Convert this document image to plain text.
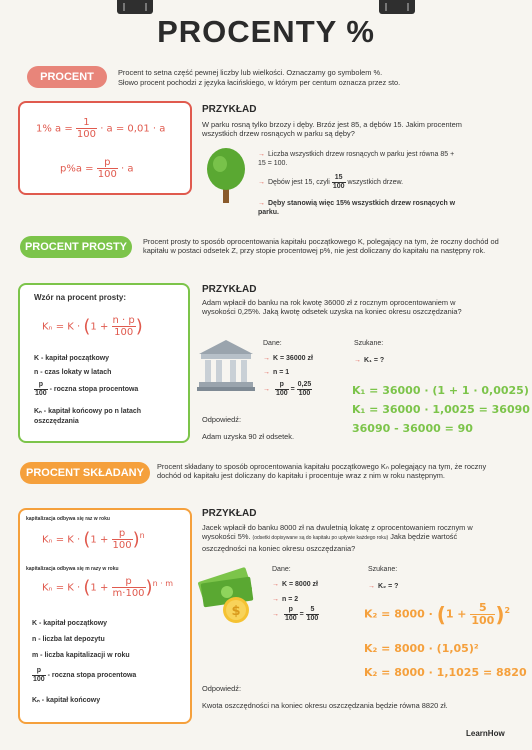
PROCENTY %
PROCENT	Procent to setna część pewnej liczby lub wielkości. Oznaczamy go symbolem %.
Słowo procent pochodzi z języka łacińskiego, w którym per centum oznacza przez sto.
1% $a = \frac{1}{100} \cdot a = 0,01 \cdot a$
$p\%a = \frac{p}{100} \cdot a$
PRZYKŁAD
W parku rosną tylko brzozy i dęby. Brzóz jest 85, a dębów 15. Jakim procentem wszystkich drzew rosnących w parku są dęby?
→ Liczba wszystkich drzew rosnących w parku jest równa 85 + 15 = 100.
→ Dębów jest 15, czyli $\frac{15}{100}$ wszystkich drzew.
→ Dęby stanowią więc 15% wszystkich drzew rosnących w parku.
PROCENT PROSTY	Procent prosty to sposób oprocentowania kapitału początkowego K, polegający na tym, że roczny dochód od kapitału w postaci odsetek Z, przy stopie procentowej p%, nie jest doliczany do kapitału na następny rok.
Wzór na procent prosty:
$K_n = K \cdot (1 + \frac{n \cdot p}{100}$ )
K - kapitał początkowy
n - czas lokaty w latach
$\frac{p}{100}$ - roczna stopa procentowa
Kₙ - kapitał końcowy po n latach oszczędzania
PRZYKŁAD
Adam wpłacił do banku na rok kwotę 36000 zł z rocznym oprocentowaniem w wysokości 0,25%. Jaką kwotę odsetek uzyska na koniec okresu oszczędzania?
Dane:	Szukane:
→ K = 36000 zł
→ n = 1
→ $\frac{p}{100} = \frac{0,25}{100}$
→ K₁ = ?
K₁ = 36000 · (1 + 1 · 0,0025)
K₁ = 36000 · 1,0025 = 36090
36090 - 36000 = 90
Odpowiedź:
Adam uzyska 90 zł odsetek.
PROCENT SKŁADANY
Procent składany to sposób oprocentowania kapitału początkowego Kₙ polegający na tym, że roczny dochód od kapitału jest doliczany do kapitału i procentuje wraz z nim w roku następnym.
kapitalizacja odbywa się raz w roku
$K_n = K \cdot (1 + \frac{p}{100} )^n$
kapitalizacja odbywa się m razy w roku
$K_n = K \cdot (1 + \frac{p}{m\cdot 100} )^{n \cdot m}$
K - kapitał początkowy
n - liczba lat depozytu
m - liczba kapitalizacji w roku
$\frac{p}{100}$ - roczna stopa procentowa
Kₙ - kapitał końcowy
PRZYKŁAD
Jacek wpłacił do banku 8000 zł na dwuletnią lokatę z oprocentowaniem rocznym w wysokości 5%. (odsetki dopisywane są do kapitału po upływie każdego roku) Jaka będzie wartość oszczędności na koniec okresu oszczędzania?
$
Dane:	Szukane:
→ K = 8000 zł
→ n = 2
→ $\frac{p}{100} = \frac{5}{100}$
→ K₂ = ?
$K_2 = 8000 \cdot (1 + \frac{5}{100} )^2$
K₂ = 8000 · (1,05)²
K₂ = 8000 · 1,1025 = 8820
Odpowiedź:
Kwota oszczędności na koniec okresu oszczędzania będzie równa 8820 zł.
LearnHow
